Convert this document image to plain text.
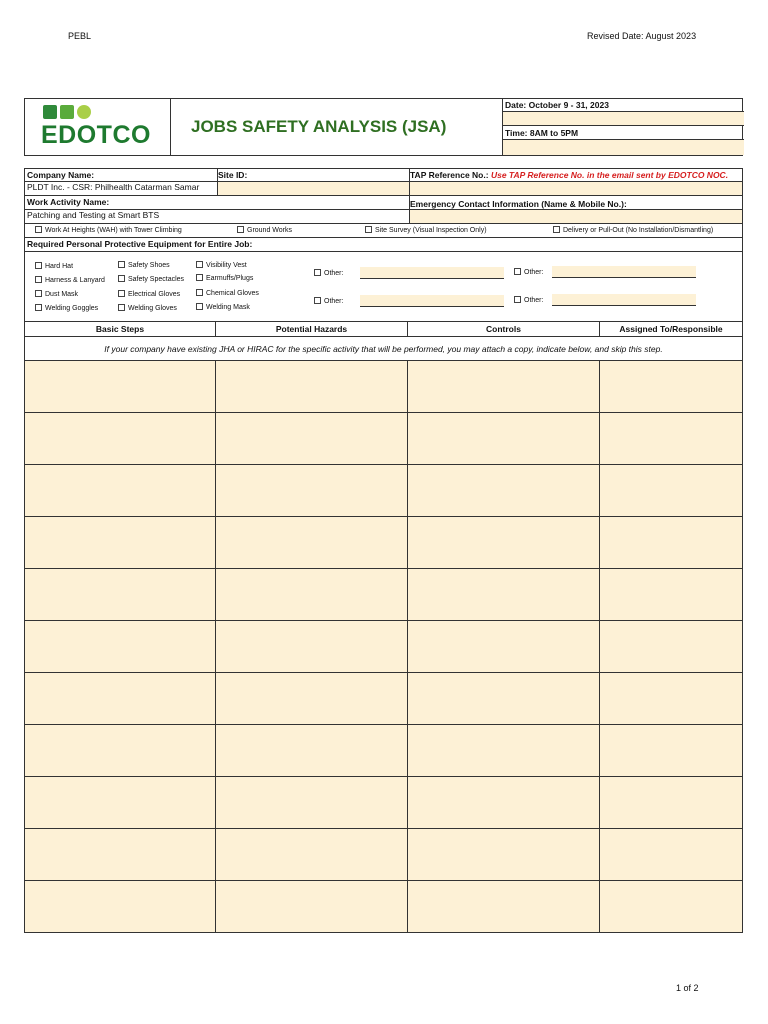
PEBL	Revised Date: August 2023
EDOTCO JOBS SAFETY ANALYSIS (JSA)
Date: October 9 - 31, 2023
Time: 8AM to 5PM
Company Name:	Site ID:	TAP Reference No.: Use TAP Reference No. in the email sent by EDOTCO NOC.
PLDT Inc. - CSR: Philhealth Catarman Samar
Work Activity Name:	Emergency Contact Information (Name & Mobile No.):
Patching and Testing at Smart BTS
Work At Heights (WAH) with Tower Climbing	Ground Works	Site Survey (Visual Inspection Only)	Delivery or Pull-Out (No Installation/Dismantling)
Required Personal Protective Equipment for Entire Job:
Hard Hat
Harness & Lanyard
Dust Mask
Welding Goggles
Safety Shoes
Safety Spectacles
Electrical Gloves
Welding Gloves
Visibility Vest
Earmuffs/Plugs
Chemical Gloves
Welding Mask
Other:
Other:
Other:
Other:
Basic Steps	Potential Hazards	Controls	Assigned To/Responsible
If your company have existing JHA or HIRAC for the specific activity that will be performed, you may attach a copy, indicate below, and skip this step.
1 of 2
